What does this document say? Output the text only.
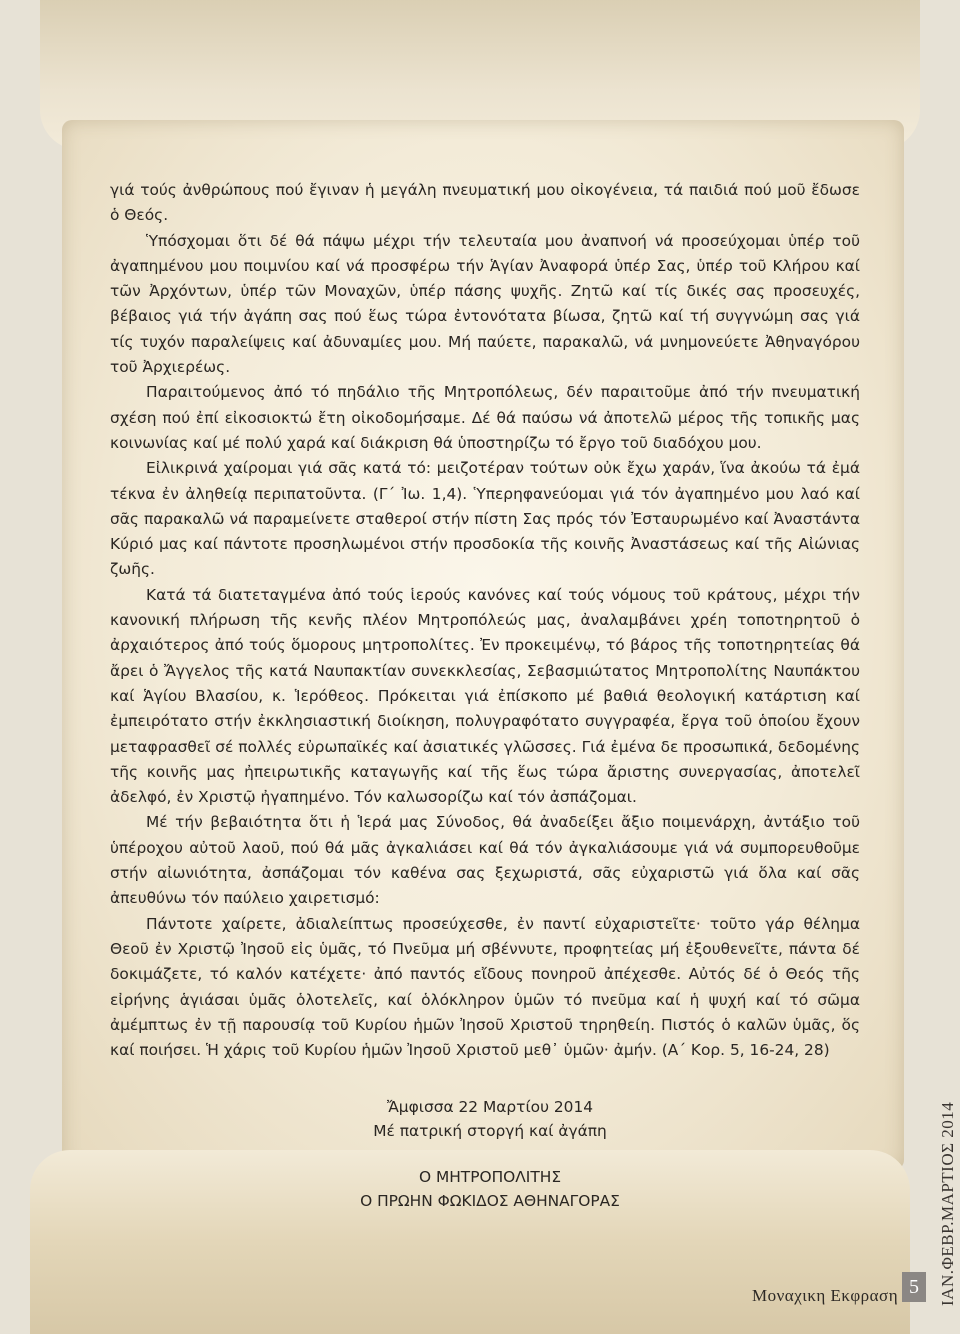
γιά τούς ἀνθρώπους πού ἔγιναν ἡ μεγάλη πνευματική μου οἰκογένεια, τά παιδιά πού μοῦ ἔδωσε ὁ Θεός.

Ὑπόσχομαι ὅτι δέ θά πάψω μέχρι τήν τελευταία μου ἀναπνοή νά προσεύχομαι ὑπέρ τοῦ ἀγαπημένου μου ποιμνίου καί νά προσφέρω τήν Ἁγίαν Ἀναφορά ὑπέρ Σας, ὑπέρ τοῦ Κλήρου καί τῶν Ἀρχόντων, ὑπέρ τῶν Μοναχῶν, ὑπέρ πάσης ψυχῆς. Ζητῶ καί τίς δικές σας προσευχές, βέβαιος γιά τήν ἀγάπη σας πού ἕως τώρα ἐντονότατα βίωσα, ζητῶ καί τή συγγνώμη σας γιά τίς τυχόν παραλείψεις καί ἀδυναμίες μου. Μή παύετε, παρακαλῶ, νά μνημονεύετε Ἀθηναγόρου τοῦ Ἀρχιερέως.

Παραιτούμενος ἀπό τό πηδάλιο τῆς Μητροπόλεως, δέν παραιτοῦμε ἀπό τήν πνευματική σχέση πού ἐπί εἰκοσιοκτώ ἔτη οἰκοδομήσαμε. Δέ θά παύσω νά ἀποτελῶ μέρος τῆς τοπικῆς μας κοινωνίας καί μέ πολύ χαρά καί διάκριση θά ὑποστηρίζω τό ἔργο τοῦ διαδόχου μου.

Εἰλικρινά χαίρομαι γιά σᾶς κατά τό: μειζοτέραν τούτων οὐκ ἔχω χαράν, ἵνα ἀκούω τά ἐμά τέκνα ἐν ἀληθείᾳ περιπατοῦντα. (Γ΄ Ἰω. 1,4). Ὑπερηφανεύομαι γιά τόν ἀγαπημένο μου λαό καί σᾶς παρακαλῶ νά παραμείνετε σταθεροί στήν πίστη Σας πρός τόν Ἐσταυρωμένο καί Ἀναστάντα Κύριό μας καί πάντοτε προσηλωμένοι στήν προσδοκία τῆς κοινῆς Ἀναστάσεως καί τῆς Αἰώνιας ζωῆς.

Κατά τά διατεταγμένα ἀπό τούς ἱερούς κανόνες καί τούς νόμους τοῦ κράτους, μέχρι τήν κανονική πλήρωση τῆς κενῆς πλέον Μητροπόλεώς μας, ἀναλαμβάνει χρέη τοποτηρητοῦ ὁ ἀρχαιότερος ἀπό τούς ὅμορους μητροπολίτες. Ἐν προκειμένῳ, τό βάρος τῆς τοποτηρητείας θά ἄρει ὁ Ἄγγελος τῆς κατά Ναυπακτίαν συνεκκλεσίας, Σεβασμιώτατος Μητροπολίτης Ναυπάκτου καί Ἁγίου Βλασίου, κ. Ἱερόθεος. Πρόκειται γιά ἐπίσκοπο μέ βαθιά θεολογική κατάρτιση καί ἐμπειρότατο στήν ἐκκλησιαστική διοίκηση, πολυγραφότατο συγγραφέα, ἔργα τοῦ ὁποίου ἔχουν μεταφρασθεῖ σέ πολλές εὐρωπαϊκές καί ἀσιατικές γλῶσσες. Γιά ἐμένα δε προσωπικά, δεδομένης τῆς κοινῆς μας ἠπειρωτικῆς καταγωγῆς καί τῆς ἕως τώρα ἄριστης συνεργασίας, ἀποτελεῖ ἀδελφό, ἐν Χριστῷ ἠγαπημένο. Τόν καλωσορίζω καί τόν ἀσπάζομαι.

Μέ τήν βεβαιότητα ὅτι ἡ Ἱερά μας Σύνοδος, θά ἀναδείξει ἄξιο ποιμενάρχη, ἀντάξιο τοῦ ὑπέροχου αὐτοῦ λαοῦ, πού θά μᾶς ἀγκαλιάσει καί θά τόν ἀγκαλιάσουμε γιά νά συμπορευθοῦμε στήν αἰωνιότητα, ἀσπάζομαι τόν καθένα σας ξεχωριστά, σᾶς εὐχαριστῶ γιά ὅλα καί σᾶς ἀπευθύνω τόν παύλειο χαιρετισμό:

Πάντοτε χαίρετε, ἀδιαλείπτως προσεύχεσθε, ἐν παντί εὐχαριστεῖτε· τοῦτο γάρ θέλημα Θεοῦ ἐν Χριστῷ Ἰησοῦ εἰς ὑμᾶς, τό Πνεῦμα μή σβέννυτε, προφητείας μή ἐξουθενεῖτε, πάντα δέ δοκιμάζετε, τό καλόν κατέχετε· ἀπό παντός εἴδους πονηροῦ ἀπέχεσθε. Αὐτός δέ ὁ Θεός τῆς εἰρήνης ἁγιάσαι ὑμᾶς ὁλοτελεῖς, καί ὁλόκληρον ὑμῶν τό πνεῦμα καί ἡ ψυχή καί τό σῶμα ἀμέμπτως ἐν τῇ παρουσίᾳ τοῦ Κυρίου ἡμῶν Ἰησοῦ Χριστοῦ τηρηθείη. Πιστός ὁ καλῶν ὑμᾶς, ὅς καί ποιήσει. Ἡ χάρις τοῦ Κυρίου ἡμῶν Ἰησοῦ Χριστοῦ μεθ᾽ ὑμῶν· ἀμήν. (Α΄ Κορ. 5, 16-24, 28)

Ἄμφισσα 22 Μαρτίου 2014
Μέ πατρική στοργή καί ἀγάπη
Ο ΜΗΤΡΟΠΟΛΙΤΗΣ
Ο ΠΡΩΗΝ ΦΩΚΙΔΟΣ ΑΘΗΝΑΓΟΡΑΣ	ΙΑΝ.ΦΕΒΡ.ΜΑΡΤΙΟΣ 2014
Μοναχικη Εκφραση 5
